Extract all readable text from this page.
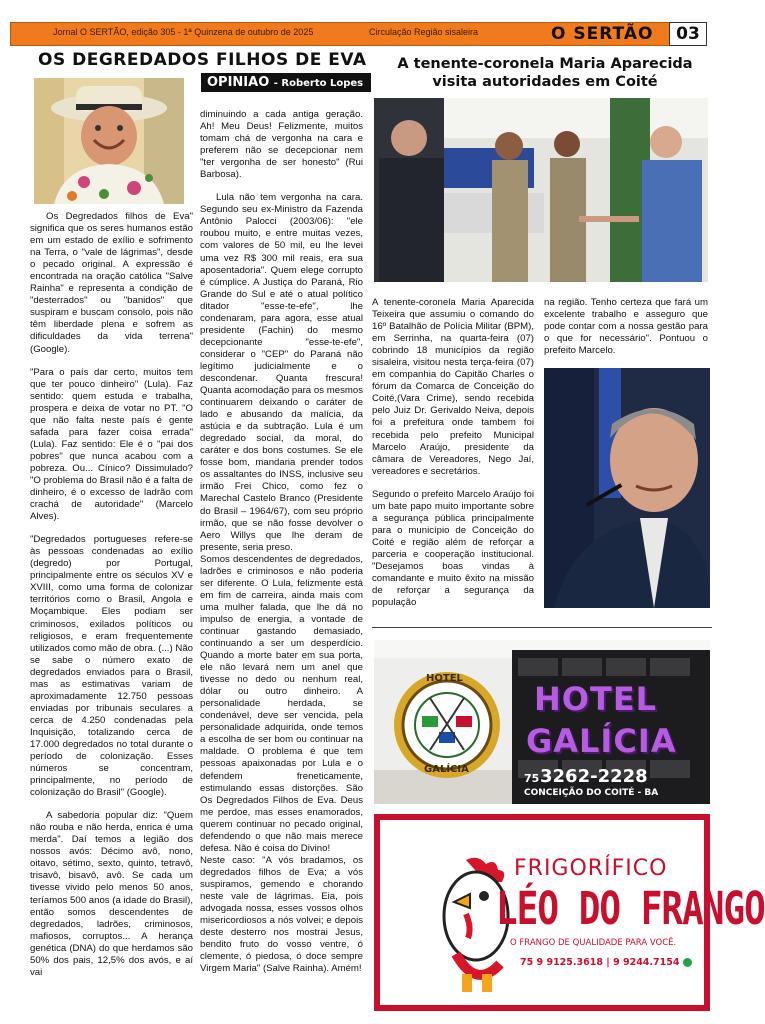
Jornal O SERTÃO, edição 305 - 1ª Quinzena de outubro de 2025	Circulação Região sisaleira	O SERTÃO	03
OS DEGREDADOS FILHOS DE EVA
OPINIAO - Roberto Lopes

Os Degredados filhos de Eva" significa que os seres humanos estão em um estado de exílio e sofrimento na Terra, o "vale de lágrimas", desde o pecado original. A expressão é encontrada na oração católica "Salve Rainha" e representa a condição de "desterrados" ou "banidos" que suspiram e buscam consolo, pois não têm liberdade plena e sofrem as dificuldades da vida terrena" (Google).

"Para o país dar certo, muitos tem que ter pouco dinheiro" (Lula). Faz sentido: quem estuda e trabalha, prospera e deixa de votar no PT. "O que não falta neste país é gente safada para fazer coisa errada" (Lula). Faz sentido: Ele é o "pai dos pobres" que nunca acabou com a pobreza. Ou... Cínico? Dissimulado? "O problema do Brasil não é a falta de dinheiro, é o excesso de ladrão com crachá de autoridade" (Marcelo Alves).

"Degredados portugueses refere-se às pessoas condenadas ao exílio (degredo) por Portugal, principalmente entre os séculos XV e XVIII, como uma forma de colonizar territórios como o Brasil, Angola e Moçambique. Eles podiam ser criminosos, exilados políticos ou religiosos, e eram frequentemente utilizados como mão de obra. (...) Não se sabe o número exato de degredados enviados para o Brasil, mas as estimativas variam de aproximadamente 12.750 pessoas enviadas por tribunais seculares a cerca de 4.250 condenadas pela Inquisição, totalizando cerca de 17.000 degredados no total durante o período de colonização. Esses números se concentram, principalmente, no período de colonização do Brasil" (Google).

A sabedoria popular diz: "Quem não rouba e não herda, enrica é uma merda". Daí temos a legião dos nossos avós: Décimo avô, nono, oitavo, sétimo, sexto, quinto, tetravô, trisavô, bisavô, avô. Se cada um tivesse vivido pelo menos 50 anos, teríamos 500 anos (a idade do Brasil), então somos descendentes de degredados, ladrões, criminosos, mafiosos, corruptos... A herança genética (DNA) do que herdamos são 50% dos pais, 12,5% dos avós, e aí vai

diminuindo a cada antiga geração. Ah! Meu Deus! Felizmente, muitos tomam chá de vergonha na cara e preferem não se decepcionar nem "ter vergonha de ser honesto" (Rui Barbosa).

Lula não tem vergonha na cara. Segundo seu ex-Ministro da Fazenda Antônio Palocci (2003/06): "ele roubou muito, e entre muitas vezes, com valores de 50 mil, eu lhe levei uma vez R$ 300 mil reais, era sua aposentadoria". Quem elege corrupto é cúmplice. A Justiça do Paraná, Rio Grande do Sul e até o atual político ditador "esse-te-efe", lhe condenaram, para agora, esse atual presidente (Fachin) do mesmo decepcionante "esse-te-efe", considerar o "CEP" do Paraná não legítimo judicialmente e o descondenar. Quanta frescura! Quanta acomodação para os mesmos continuarem deixando o caráter de lado e abusando da malícia, da astúcia e da subtração. Lula é um degredado social, da moral, do caráter e dos bons costumes. Se ele fosse bom, mandaria prender todos os assaltantes do INSS, inclusive seu irmão Frei Chico, como fez o Marechal Castelo Branco (Presidente do Brasil – 1964/67), com seu próprio irmão, que se não fosse devolver o Aero Willys que lhe deram de presente, seria preso.

Somos descendentes de degredados, ladrões e criminosos e não poderia ser diferente. O Lula, felizmente está em fim de carreira, ainda mais com uma mulher falada, que lhe dá no impulso de energia, a vontade de continuar gastando demasiado, continuando a ser um desperdício. Quando a morte bater em sua porta, ele não levará nem um anel que tivesse no dedo ou nenhum real, dólar ou outro dinheiro. A personalidade herdada, se condenável, deve ser vencida, pela personalidade adquirida, onde temos a escolha de ser bom ou continuar na maldade. O problema é que tem pessoas apaixonadas por Lula e o defendem freneticamente, estimulando essas distorções. São Os Degredados Filhos de Eva. Deus me perdoe, mas esses enamorados, querem continuar no pecado original, defendendo o que não mais merece defesa. Não é coisa do Divino!

Neste caso: "A vós bradamos, os degredados filhos de Eva; a vós suspiramos, gemendo e chorando neste vale de lágrimas. Eia, pois advogada nossa, esses vossos olhos misericordiosos a nós volvei; e depois deste desterro nos mostrai Jesus, bendito fruto do vosso ventre, ó clemente, ó piedosa, ó doce sempre Virgem Maria" (Salve Rainha). Amém!

A tenente-coronela Maria Aparecida
visita autoridades em Coité

A tenente-coronela Maria Aparecida Teixeira que assumiu o comando do 16º Batalhão de Polícia Militar (BPM), em Serrinha, na quarta-feira (07) cobrindo 18 municípios da região sisaleira, visitou nesta terça-feira (07) em companhia do Capitão Charles o fórum da Comarca de Conceição do Coité,(Vara Crime), sendo recebida pelo Juiz Dr. Gerivaldo Neiva, depois foi a prefeitura onde tambem foi recebida pelo prefeito Municipal Marcelo Araújo, presidente da câmara de Vereadores, Nego Jaí, vereadores e secretários.

Segundo o prefeito Marcelo Araújo foi um bate papo muito importante sobre a segurança pública principalmente para o município de Conceição do Coité e região além de reforçar a parceria e cooperação institucional. "Desejamos boas vindas à comandante e muito êxito na missão de reforçar a segurança da população

na região. Tenho certeza que fará um excelente trabalho e asseguro que pode contar com a nossa gestão para o que for necessário". Pontuou o prefeito Marcelo.

HOTEL
GALÍCIA
HOTEL
GALÍCIA
75 3262-2228
CONCEIÇÃO DO COITÉ - BA
FRIGORÍFICO
LÉO DO FRANGO
O FRANGO DE QUALIDADE PARA VOCÊ.
75 9 9125.3618 | 9 9244.7154
